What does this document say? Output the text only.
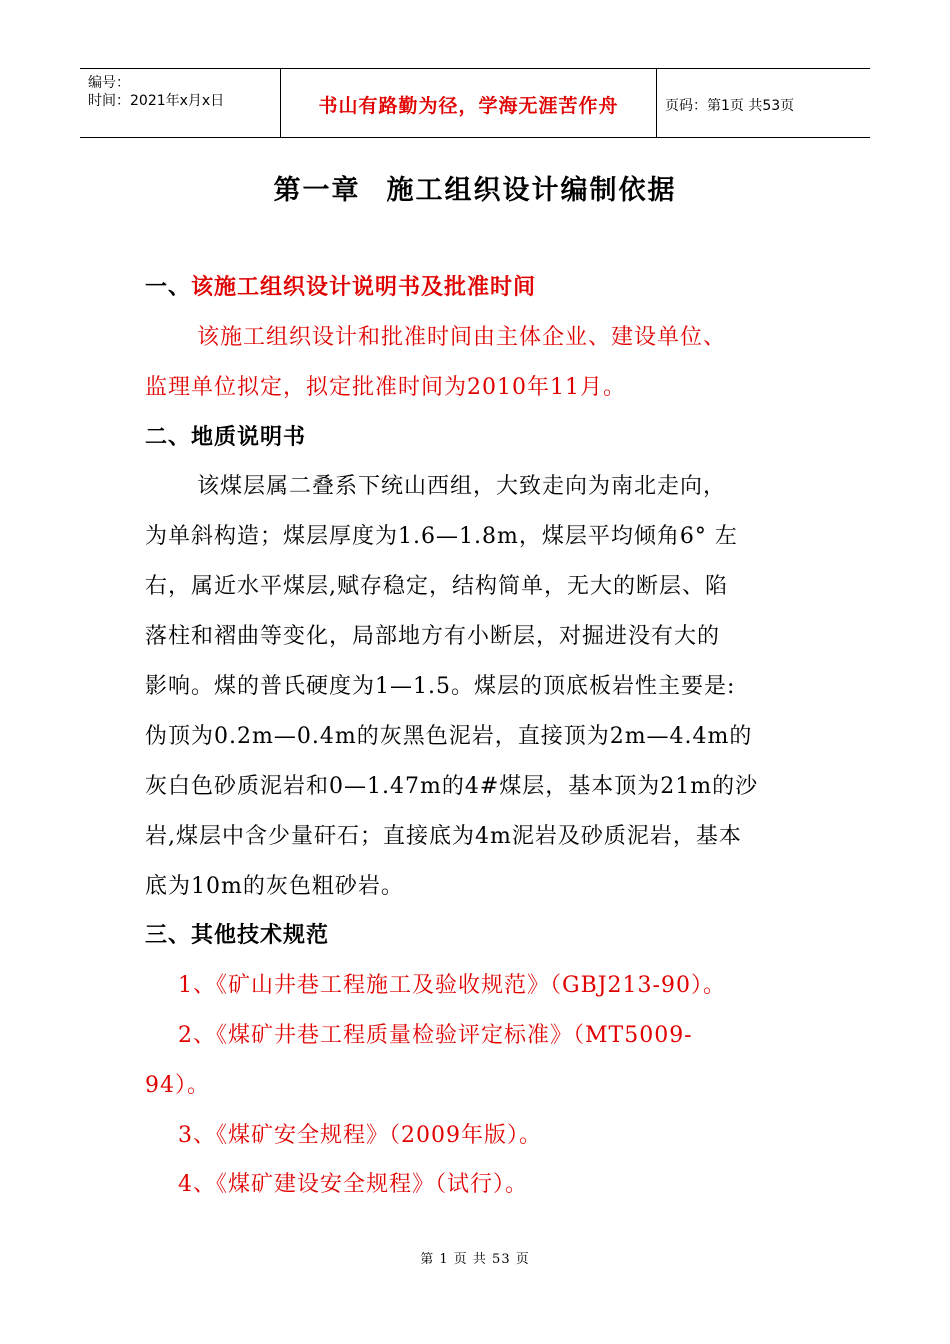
编号：
时间：2021年x月x日	书山有路勤为径，学海无涯苦作舟	页码：第1页 共53页
第一章 施工组织设计编制依据
一、该施工组织设计说明书及批准时间
该施工组织设计和批准时间由主体企业、建设单位、
监理单位拟定，拟定批准时间为2010年11月。
二、地质说明书
该煤层属二叠系下统山西组，大致走向为南北走向，
为单斜构造；煤层厚度为1.6—1.8m，煤层平均倾角6° 左
右，属近水平煤层,赋存稳定，结构简单，无大的断层、陷
落柱和褶曲等变化，局部地方有小断层，对掘进没有大的
影响。煤的普氏硬度为1—1.5。煤层的顶底板岩性主要是:
伪顶为0.2m—0.4m的灰黑色泥岩，直接顶为2m—4.4m的
灰白色砂质泥岩和0—1.47m的4#煤层，基本顶为21m的沙
岩,煤层中含少量矸石；直接底为4m泥岩及砂质泥岩，基本
底为10m的灰色粗砂岩。
三、其他技术规范
1、《矿山井巷工程施工及验收规范》（GBJ213-90）。
2、《煤矿井巷工程质量检验评定标准》（MT5009-
94）。
3、《煤矿安全规程》（2009年版）。
4、《煤矿建设安全规程》（试行）。
第 1 页 共 53 页
